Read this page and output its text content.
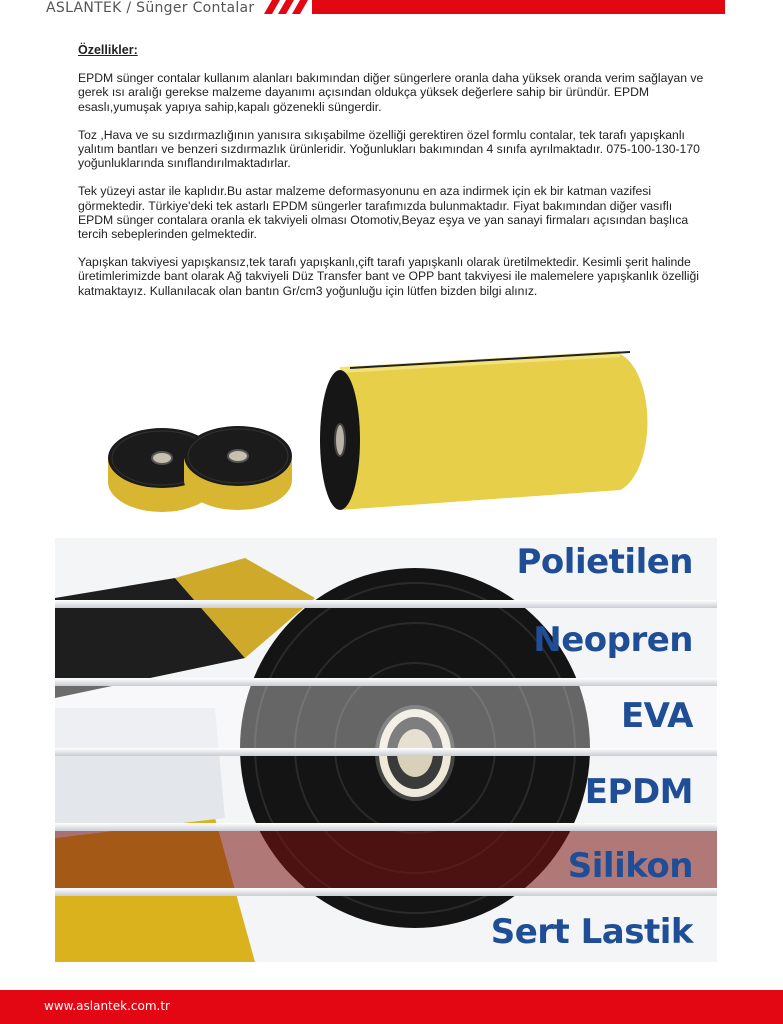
ASLANTEK / Sünger Contalar
Özellikler:

EPDM sünger contalar kullanım alanları bakımından diğer süngerlere oranla daha yüksek oranda verim sağlayan ve gerek ısı aralığı gerekse malzeme dayanımı açısından oldukça yüksek değerlere sahip bir üründür. EPDM esaslı,yumuşak yapıya sahip,kapalı gözenekli süngerdir.

Toz ,Hava ve su sızdırmazlığının yanısıra sıkışabilme özelliği gerektiren özel formlu contalar, tek tarafı yapışkanlı yalıtım bantları ve benzeri sızdırmazlık ürünleridir. Yoğunlukları bakımından 4 sınıfa ayrılmaktadır. 075-100-130-170 yoğunluklarında sınıflandırılmaktadırlar.

Tek yüzeyi astar ile kaplıdır.Bu astar malzeme deformasyonunu en aza indirmek için ek bir katman vazifesi görmektedir. Türkiye'deki tek astarlı EPDM süngerler tarafımızda bulunmaktadır. Fiyat bakımından diğer vasıflı EPDM sünger contalara oranla ek takviyeli olması Otomotiv,Beyaz eşya ve yan sanayi firmaları açısından başlıca tercih sebeplerinden gelmektedir.

Yapışkan takviyesi yapışkansız,tek tarafı yapışkanlı,çift tarafı yapışkanlı olarak üretilmektedir. Kesimli şerit halinde üretimlerimizde bant olarak Ağ takviyeli Düz Transfer bant ve OPP bant takviyesi ile malemelere yapışkanlık özelliği katmaktayız. Kullanılacak olan bantın Gr/cm3 yoğunluğu için lütfen bizden bilgi alınız.

Polietilen
Neopren
EVA
EPDM
Silikon
Sert Lastik
www.aslantek.com.tr
